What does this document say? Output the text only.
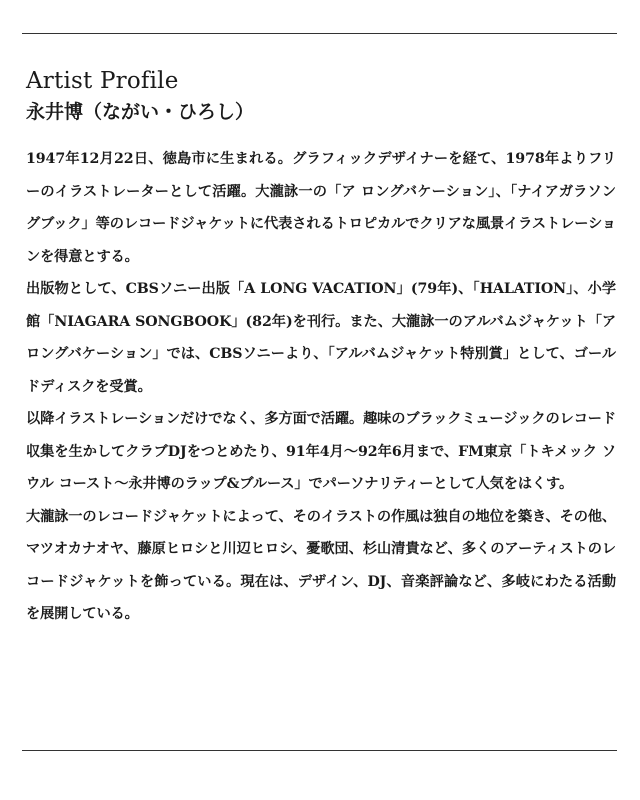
Artist Profile
永井博（ながい・ひろし）

1947年12月22日、徳島市に生まれる。グラフィックデザイナーを経て、1978年よりフリーのイラストレーターとして活躍。大瀧詠一の「ア ロングバケーション」、「ナイアガラソングブック」等のレコードジャケットに代表されるトロピカルでクリアな風景イラストレーションを得意とする。

出版物として、CBSソニー出版「A LONG VACATION」(79年)、「HALATION」、小学館「NIAGARA SONGBOOK」(82年)を刊行。また、大瀧詠一のアルバムジャケット「ア ロングバケーション」では、CBSソニーより、「アルバムジャケット特別賞」として、ゴールドディスクを受賞。

以降イラストレーションだけでなく、多方面で活躍。趣味のブラックミュージックのレコード収集を生かしてクラブDJをつとめたり、91年4月～92年6月まで、FM東京「トキメック ソウル コースト～永井博のラップ&ブルース」でパーソナリティーとして人気をはくす。

大瀧詠一のレコードジャケットによって、そのイラストの作風は独自の地位を築き、その他、マツオカナオヤ、藤原ヒロシと川辺ヒロシ、憂歌団、杉山清貴など、多くのアーティストのレコードジャケットを飾っている。現在は、デザイン、DJ、音楽評論など、多岐にわたる活動を展開している。
